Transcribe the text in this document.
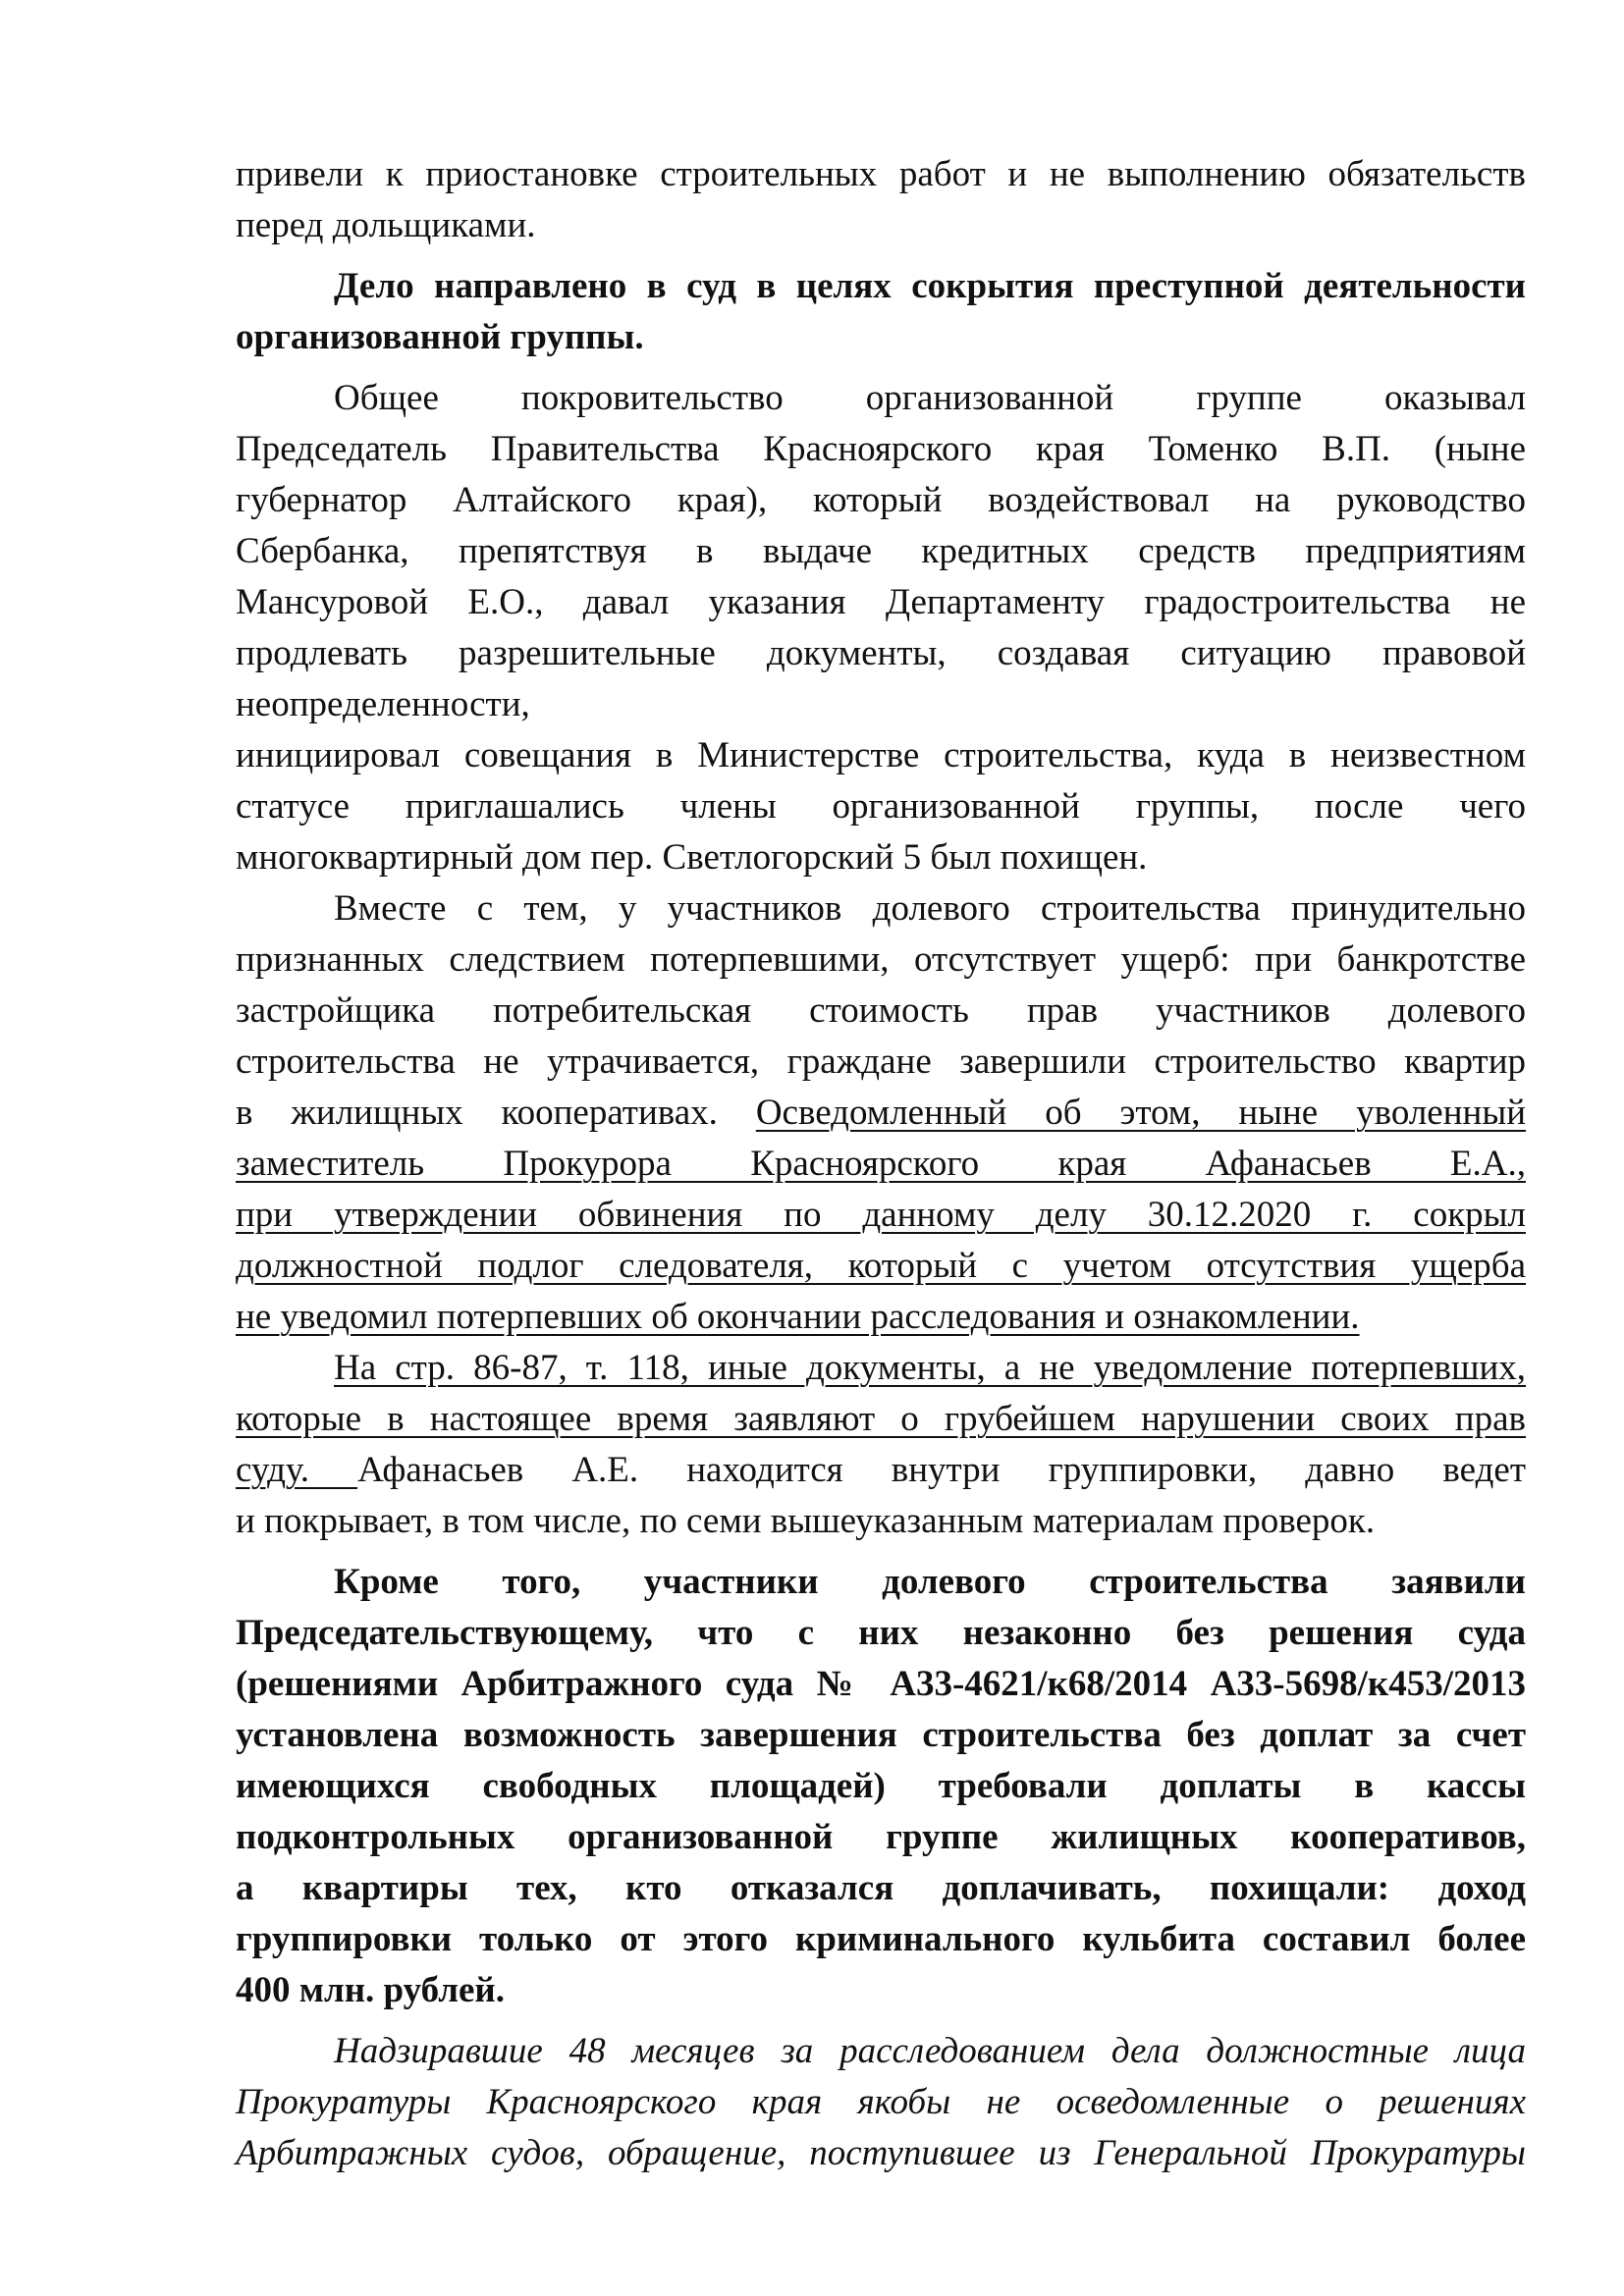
привели к приостановке строительных работ и не выполнению обязательств
перед дольщиками.
Дело направлено в суд в целях сокрытия преступной деятельности
организованной группы.
Общее покровительство организованной группе оказывал
Председатель Правительства Красноярского края Томенко В.П. (ныне
губернатор Алтайского края), который воздействовал на руководство
Сбербанка, препятствуя в выдаче кредитных средств предприятиям
Мансуровой Е.О., давал указания Департаменту градостроительства не
продлевать разрешительные документы, создавая ситуацию правовой
неопределенности,
инициировал совещания в Министерстве строительства, куда в неизвестном
статусе приглашались члены организованной группы, после чего
многоквартирный дом пер. Светлогорский 5 был похищен.
Вместе с тем, у участников долевого строительства принудительно
признанных следствием потерпевшими, отсутствует ущерб: при банкротстве
застройщика потребительская стоимость прав участников долевого
строительства не утрачивается, граждане завершили строительство квартир
в жилищных кооперативах. Осведомленный об этом, ныне уволенный
заместитель Прокурора Красноярского края Афанасьев Е.А.,
при утверждении обвинения по данному делу 30.12.2020 г. сокрыл
должностной подлог следователя, который с учетом отсутствия ущерба
не уведомил потерпевших об окончании расследования и ознакомлении.
На стр. 86-87, т. 118, иные документы, а не уведомление потерпевших,
которые в настоящее время заявляют о грубейшем нарушении своих прав
суду. Афанасьев А.Е. находится внутри группировки, давно ведет
и покрывает, в том числе, по семи вышеуказанным материалам проверок.
Кроме того, участники долевого строительства заявили
Председательствующему, что с них незаконно без решения суда
(решениями Арбитражного суда № А33-4621/к68/2014 А33-5698/к453/2013
установлена возможность завершения строительства без доплат за счет
имеющихся свободных площадей) требовали доплаты в кассы
подконтрольных организованной группе жилищных кооперативов,
а квартиры тех, кто отказался доплачивать, похищали: доход
группировки только от этого криминального кульбита составил более
400 млн. рублей.
Надзиравшие 48 месяцев за расследованием дела должностные лица
Прокуратуры Красноярского края якобы не осведомленные о решениях
Арбитражных судов, обращение, поступившее из Генеральной Прокуратуры
